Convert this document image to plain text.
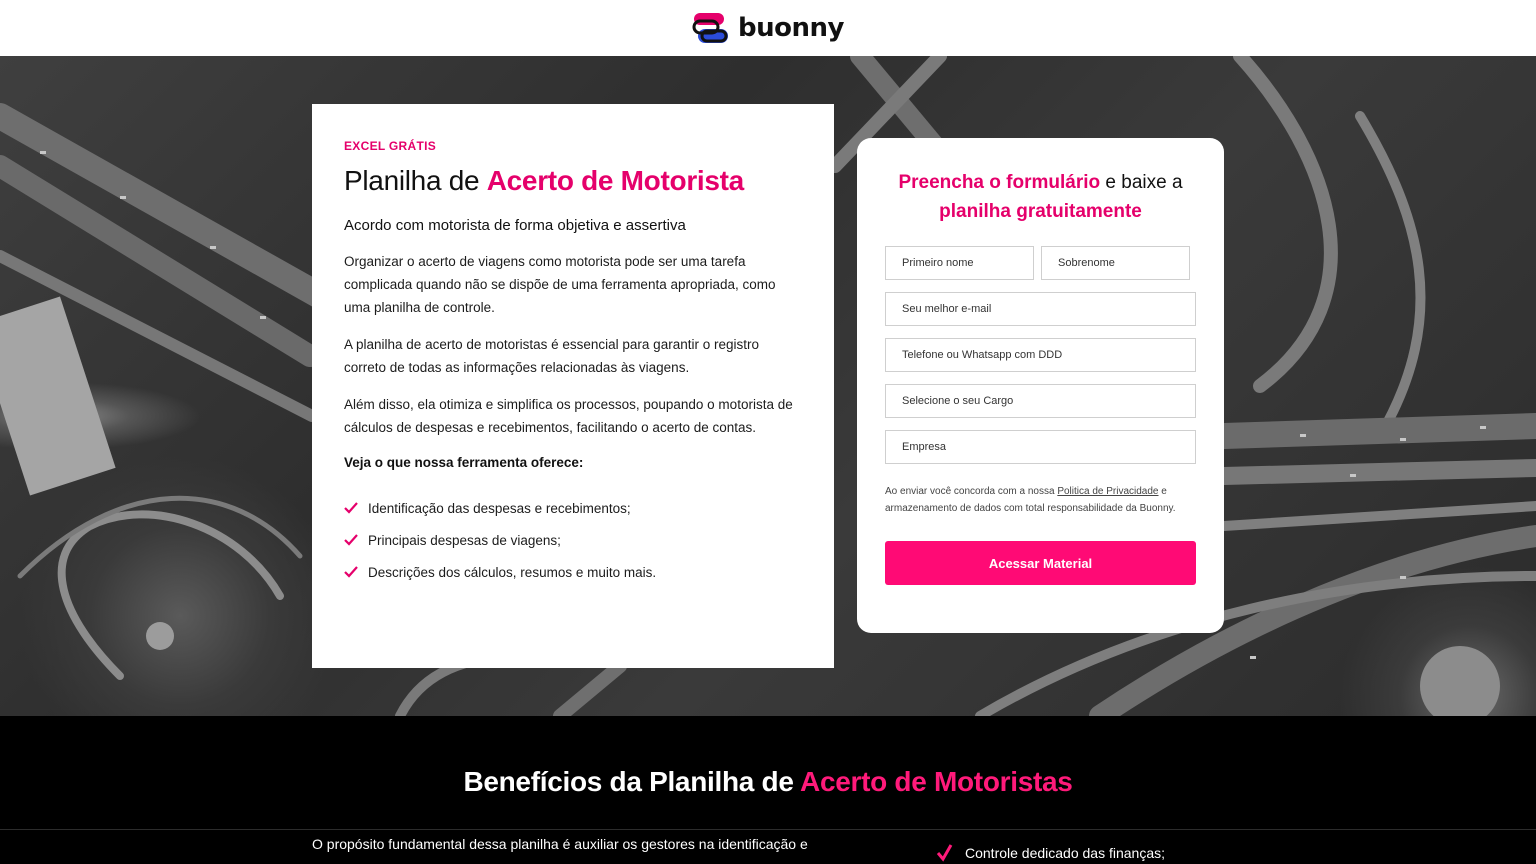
buonny
EXCEL GRÁTIS
Planilha de Acerto de Motorista

Acordo com motorista de forma objetiva e assertiva

Organizar o acerto de viagens como motorista pode ser uma tarefa complicada quando não se dispõe de uma ferramenta apropriada, como uma planilha de controle.

A planilha de acerto de motoristas é essencial para garantir o registro correto de todas as informações relacionadas às viagens.

Além disso, ela otimiza e simplifica os processos, poupando o motorista de cálculos de despesas e recebimentos, facilitando o acerto de contas.

Veja o que nossa ferramenta oferece:

Identificação das despesas e recebimentos;
Principais despesas de viagens;
Descrições dos cálculos, resumos e muito mais.
Preencha o formulário e baixe a
planilha gratuitamente
Primeiro nome
Sobrenome
Seu melhor e-mail
Telefone ou Whatsapp com DDD
Selecione o seu Cargo
Empresa

Ao enviar você concorda com a nossa Politica de Privacidade e armazenamento de dados com total responsabilidade da Buonny.

Acessar Material
Benefícios da Planilha de Acerto de Motoristas

O propósito fundamental dessa planilha é auxiliar os gestores na identificação e

Controle dedicado das finanças;
